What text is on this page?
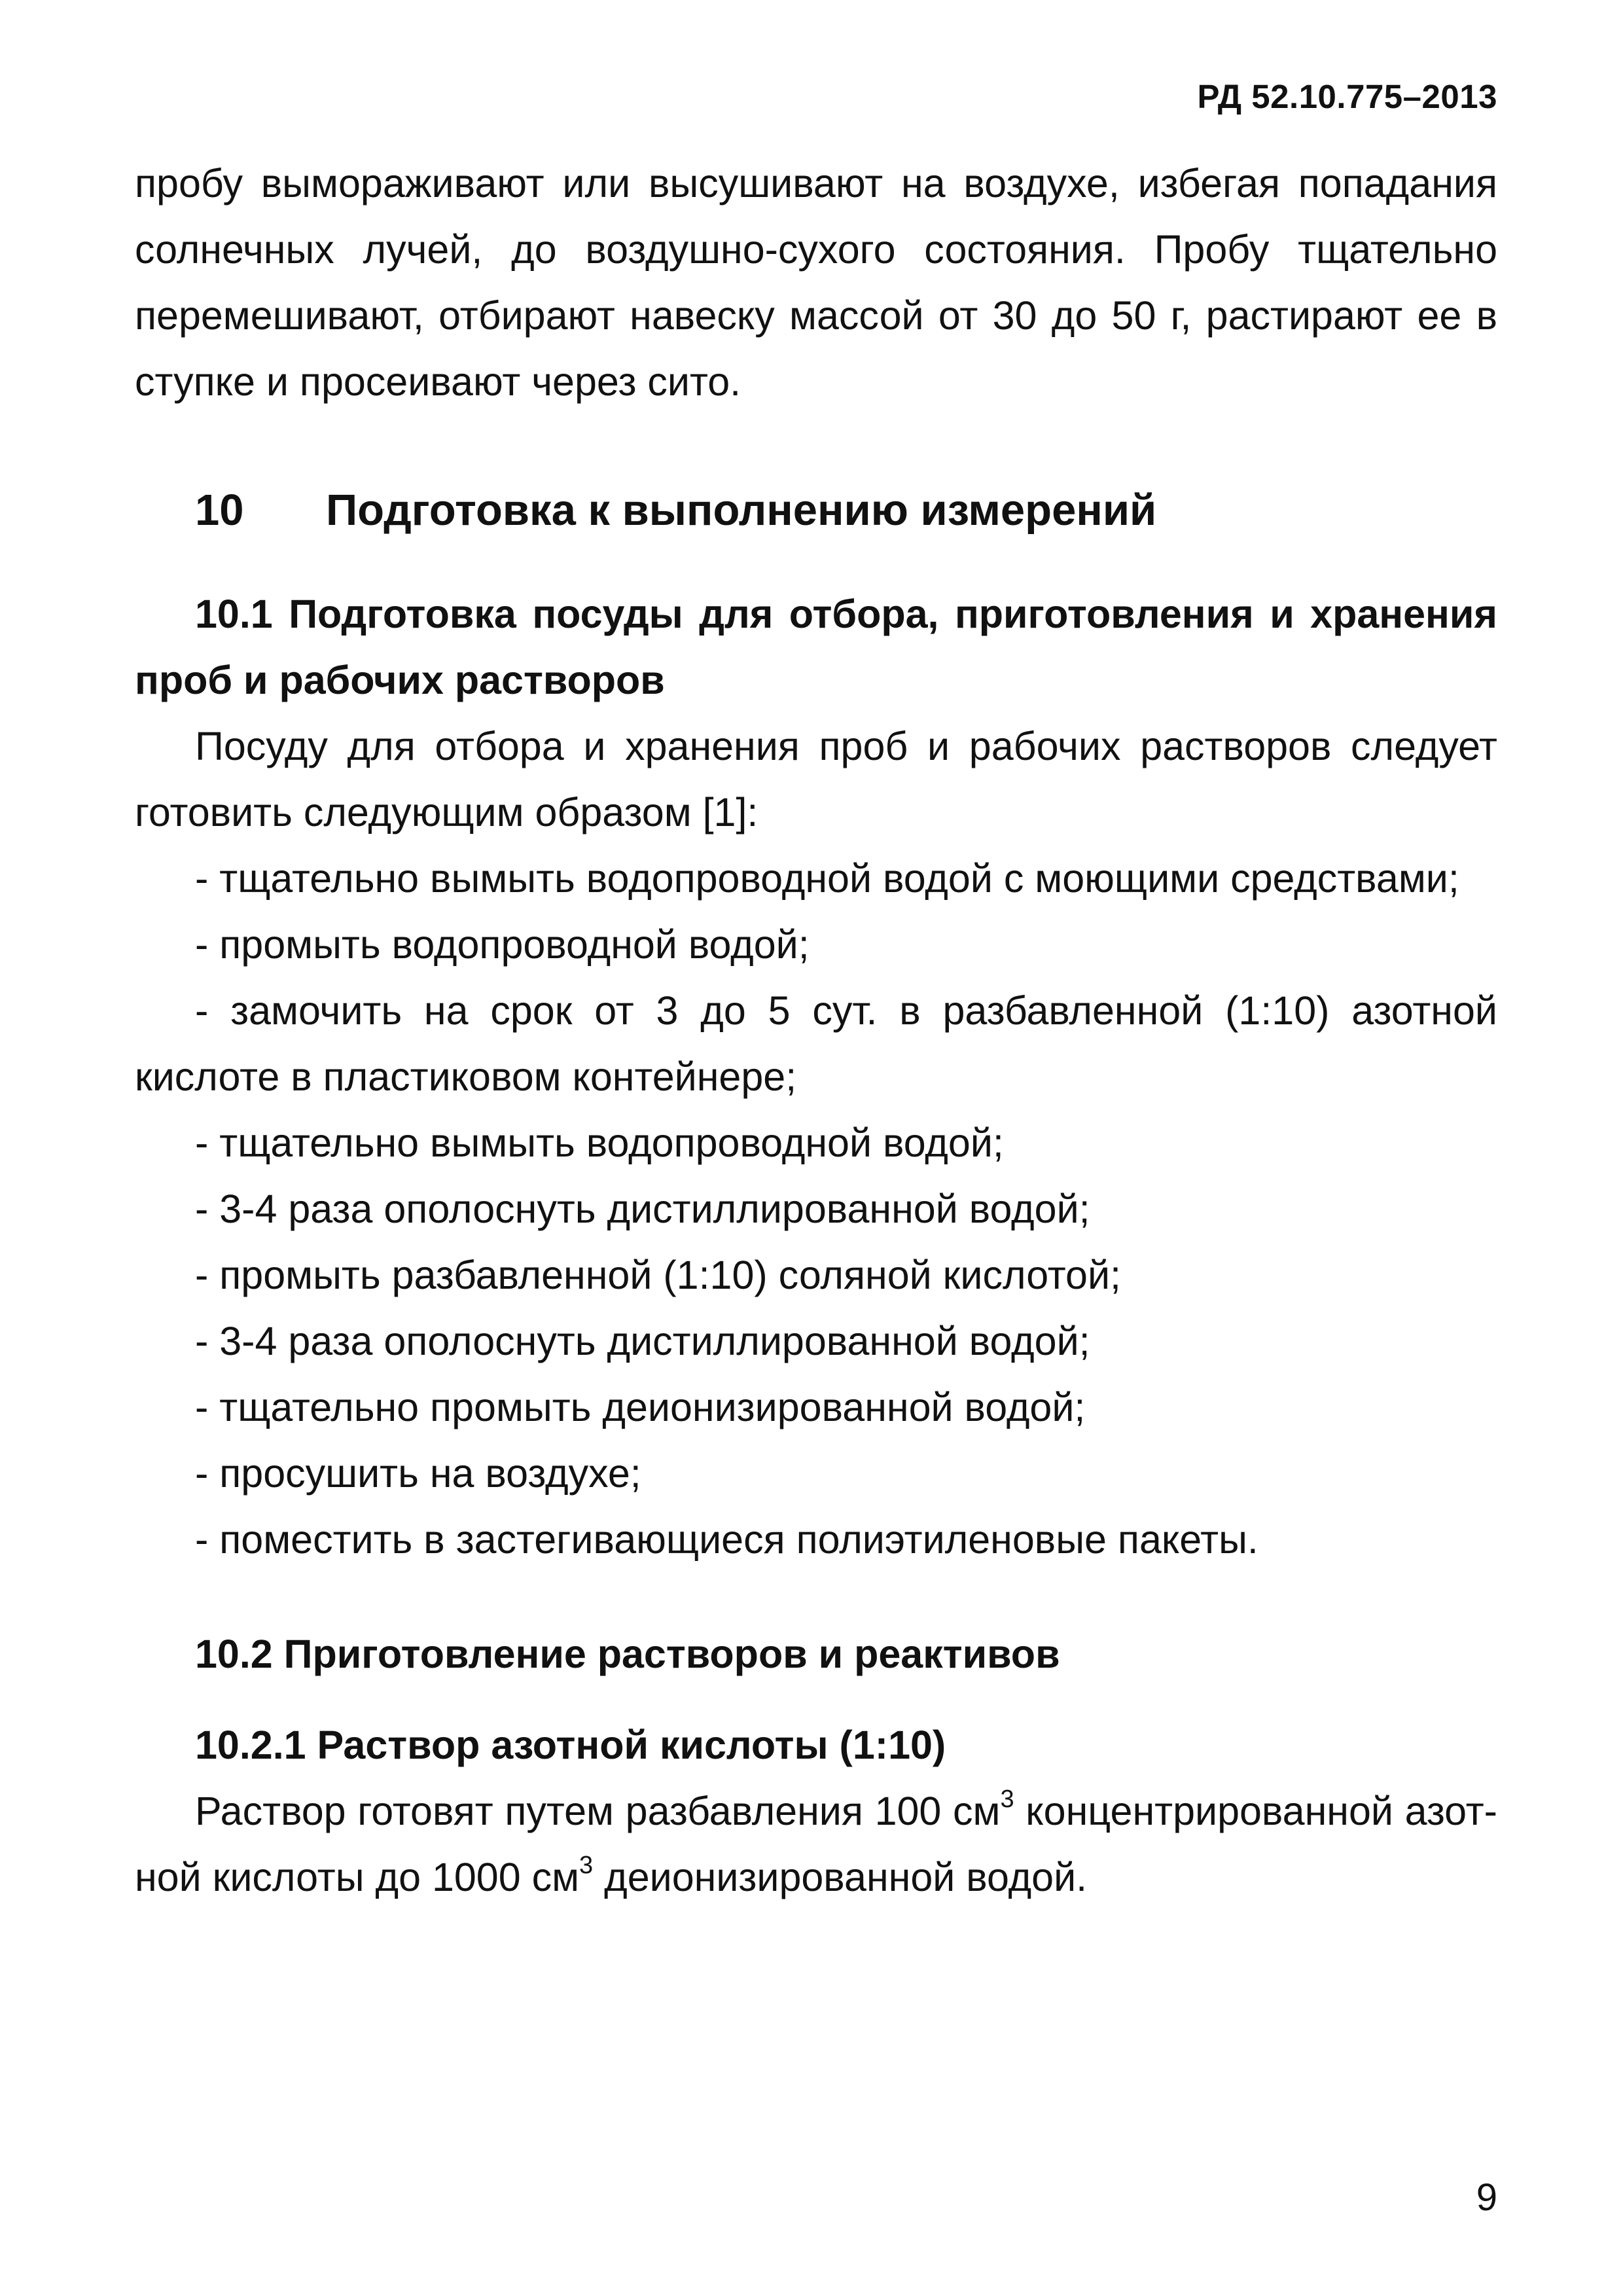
РД 52.10.775–2013

пробу вымораживают или высушивают на воздухе, избегая попадания солнечных лучей, до воздушно-сухого состояния. Пробу тщательно перемешивают, отбирают навеску массой от 30 до 50 г, растирают ее в ступке и просеивают через сито.

10 Подготовка к выполнению измерений

10.1 Подготовка посуды для отбора, приготовления и хранения проб и рабочих растворов

Посуду для отбора и хранения проб и рабочих растворов следует готовить следующим образом [1]:

- тщательно вымыть водопроводной водой с моющими средствами;

- промыть водопроводной водой;

- замочить на срок от 3 до 5 сут. в разбавленной (1:10) азотной кислоте в пластиковом контейнере;

- тщательно вымыть водопроводной водой;

- 3-4 раза ополоснуть дистиллированной водой;

- промыть разбавленной (1:10) соляной кислотой;

- 3-4 раза ополоснуть дистиллированной водой;

- тщательно промыть деионизированной водой;

- просушить на воздухе;

- поместить в застегивающиеся полиэтиленовые пакеты.

10.2 Приготовление растворов и реактивов

10.2.1 Раствор азотной кислоты (1:10)

Раствор готовят путем разбавления 100 $см^3$ концентрированной азот-ной кислоты до 1000 $см^3$ деионизированной водой.

9
